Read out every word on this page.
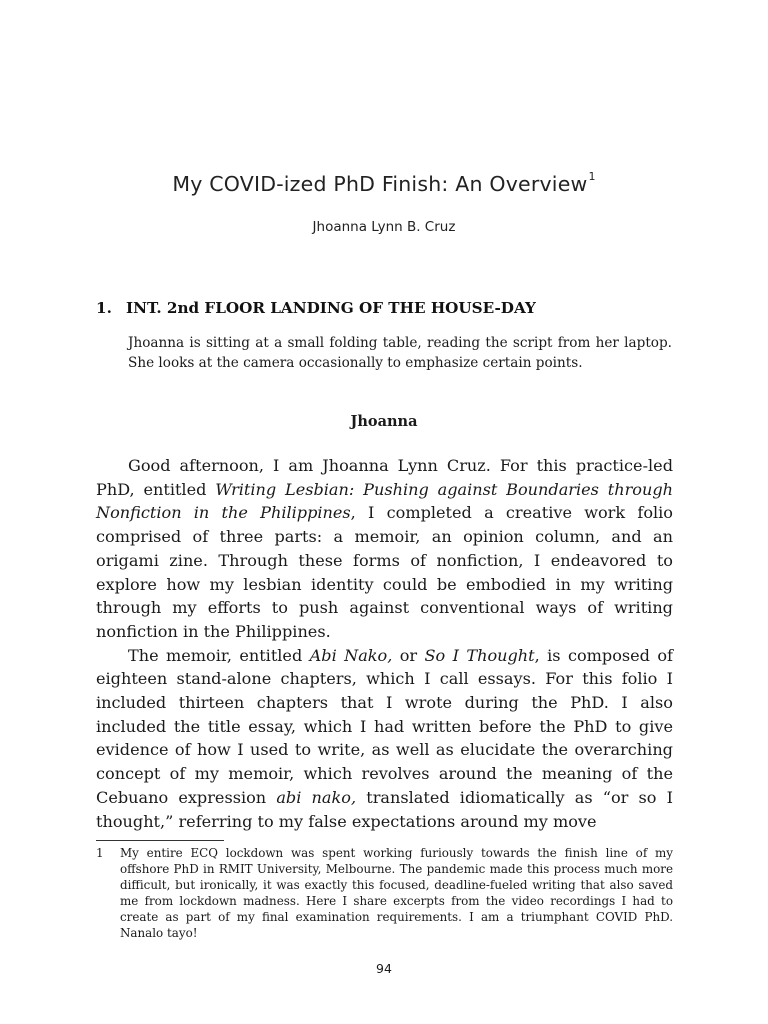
My COVID-ized PhD Finish: An Overview$^1$
Jhoanna Lynn B. Cruz
1. INT. 2nd FLOOR LANDING OF THE HOUSE-DAY

Jhoanna is sitting at a small folding table, reading the script from her laptop. She looks at the camera occasionally to emphasize certain points.

Jhoanna

Good afternoon, I am Jhoanna Lynn Cruz. For this practice-led PhD, entitled Writing Lesbian: Pushing against Boundaries through Nonfiction in the Philippines, I completed a creative work folio comprised of three parts: a memoir, an opinion column, and an origami zine. Through these forms of nonfiction, I endeavored to explore how my lesbian identity could be embodied in my writing through my efforts to push against conventional ways of writing nonfiction in the Philippines.

The memoir, entitled Abi Nako, or So I Thought, is composed of eighteen stand-alone chapters, which I call essays. For this folio I included thirteen chapters that I wrote during the PhD. I also included the title essay, which I had written before the PhD to give evidence of how I used to write, as well as elucidate the overarching concept of my memoir, which revolves around the meaning of the Cebuano expression abi nako, translated idiomatically as “or so I thought,” referring to my false expectations around my move

1 My entire ECQ lockdown was spent working furiously towards the finish line of my offshore PhD in RMIT University, Melbourne. The pandemic made this process much more difficult, but ironically, it was exactly this focused, deadline-fueled writing that also saved me from lockdown madness. Here I share excerpts from the video recordings I had to create as part of my final examination requirements. I am a triumphant COVID PhD. Nanalo tayo!
94
